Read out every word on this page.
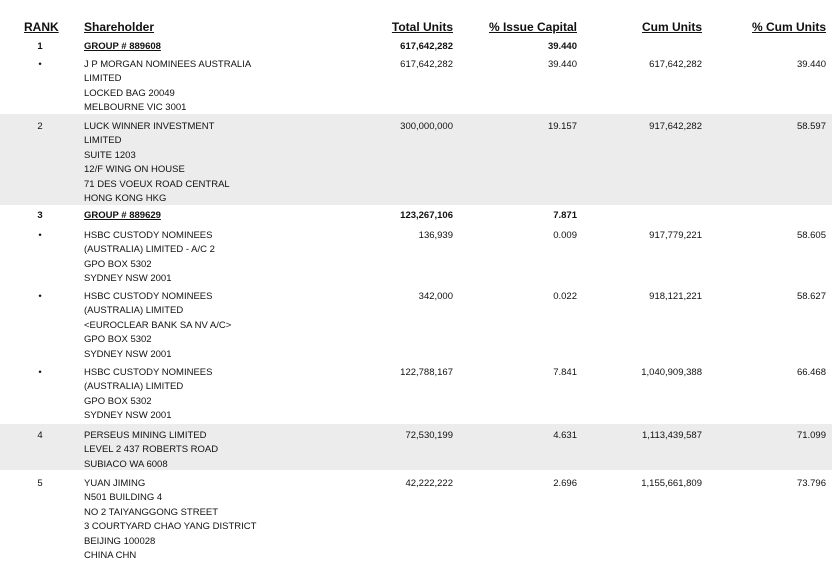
RANK Shareholder	Total Units	% Issue Capital	Cum Units	% Cum Units
1	GROUP # 889608	617,642,282	39.440
•	J P MORGAN NOMINEES AUSTRALIA
LIMITED
LOCKED BAG 20049
MELBOURNE VIC 3001
617,642,282	39.440	617,642,282	39.440
2	LUCK WINNER INVESTMENT
LIMITED
SUITE 1203
12/F WING ON HOUSE
71 DES VOEUX ROAD CENTRAL
HONG KONG HKG
300,000,000	19.157	917,642,282	58.597
3	GROUP # 889629	123,267,106	7.871
•	HSBC CUSTODY NOMINEES
(AUSTRALIA) LIMITED - A/C 2
GPO BOX 5302
SYDNEY NSW 2001
136,939	0.009	917,779,221	58.605
•	HSBC CUSTODY NOMINEES
(AUSTRALIA) LIMITED
<EUROCLEAR BANK SA NV A/C>
GPO BOX 5302
SYDNEY NSW 2001
342,000	0.022	918,121,221	58.627
•	HSBC CUSTODY NOMINEES
(AUSTRALIA) LIMITED
GPO BOX 5302
SYDNEY NSW 2001
122,788,167	7.841	1,040,909,388	66.468
4	PERSEUS MINING LIMITED
LEVEL 2 437 ROBERTS ROAD
SUBIACO WA 6008
72,530,199	4.631	1,113,439,587	71.099
5	YUAN JIMING
N501 BUILDING 4
NO 2 TAIYANGGONG STREET
3 COURTYARD CHAO YANG DISTRICT
BEIJING 100028
CHINA CHN
42,222,222	2.696	1,155,661,809	73.796
